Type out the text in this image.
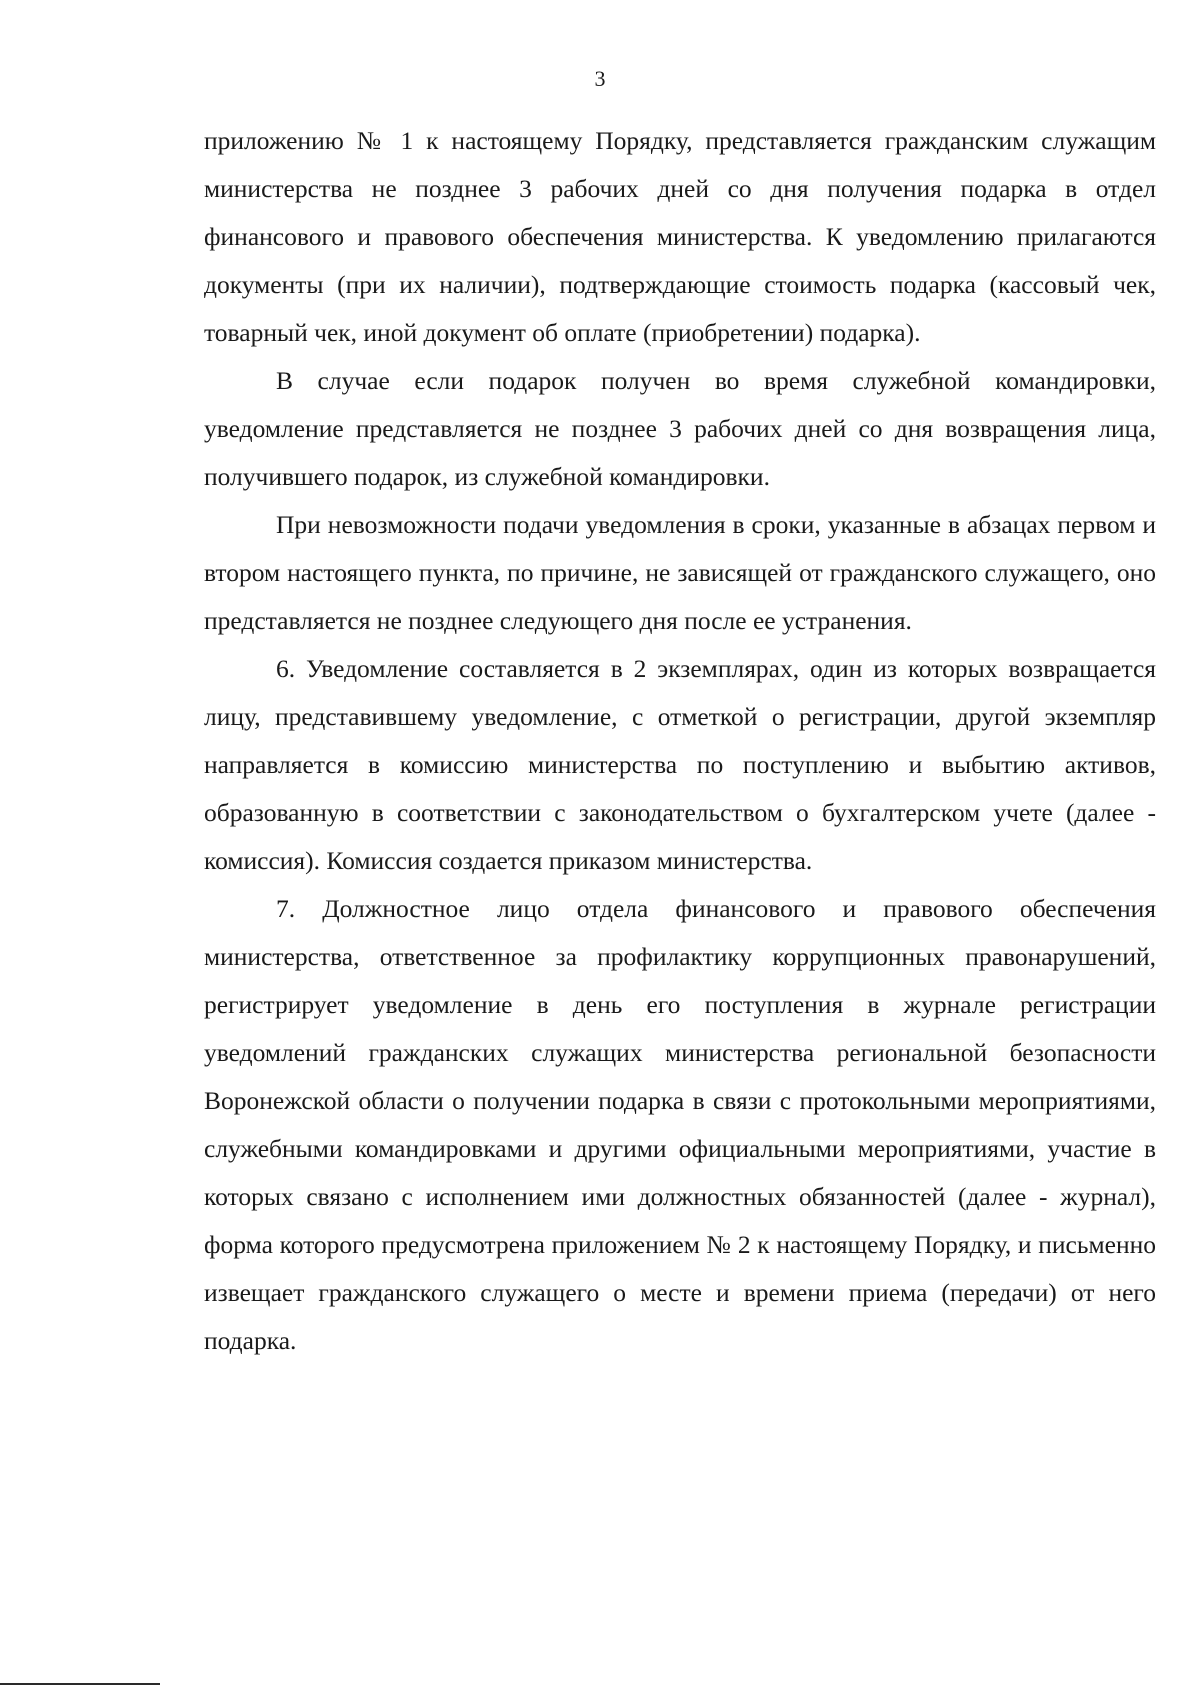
3

приложению № 1 к настоящему Порядку, представляется гражданским служащим министерства не позднее 3 рабочих дней со дня получения подарка в отдел финансового и правового обеспечения министерства. К уведомлению прилагаются документы (при их наличии), подтверждающие стоимость подарка (кассовый чек, товарный чек, иной документ об оплате (приобретении) подарка).

В случае если подарок получен во время служебной командировки, уведомление представляется не позднее 3 рабочих дней со дня возвращения лица, получившего подарок, из служебной командировки.

При невозможности подачи уведомления в сроки, указанные в абзацах первом и втором настоящего пункта, по причине, не зависящей от гражданского служащего, оно представляется не позднее следующего дня после ее устранения.

6. Уведомление составляется в 2 экземплярах, один из которых возвращается лицу, представившему уведомление, с отметкой о регистрации, другой экземпляр направляется в комиссию министерства по поступлению и выбытию активов, образованную в соответствии с законодательством о бухгалтерском учете (далее - комиссия). Комиссия создается приказом министерства.

7. Должностное лицо отдела финансового и правового обеспечения министерства, ответственное за профилактику коррупционных правонарушений, регистрирует уведомление в день его поступления в журнале регистрации уведомлений гражданских служащих министерства региональной безопасности Воронежской области о получении подарка в связи с протокольными мероприятиями, служебными командировками и другими официальными мероприятиями, участие в которых связано с исполнением ими должностных обязанностей (далее - журнал), форма которого предусмотрена приложением № 2 к настоящему Порядку, и письменно извещает гражданского служащего о месте и времени приема (передачи) от него подарка.
